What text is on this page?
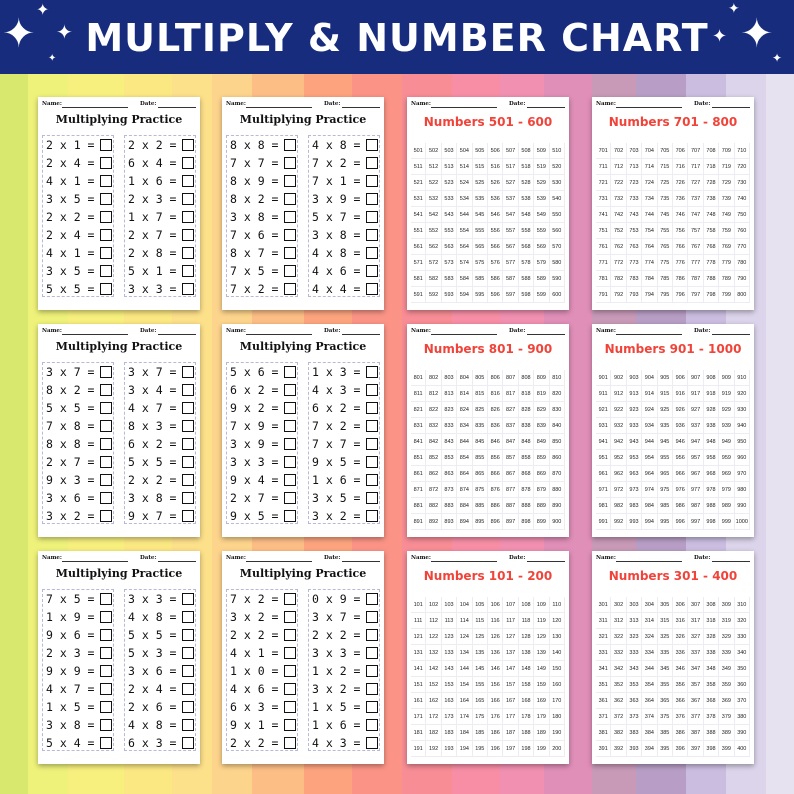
MULTIPLY & NUMBER CHART
✦
✦
✦
✦
✦
✦
✦
✦
Name:	Date:
Multiplying Practice
2 x 1 =
2 x 4 =
4 x 1 =
3 x 5 =
2 x 2 =
2 x 4 =
4 x 1 =
3 x 5 =
5 x 5 =
2 x 2 =
6 x 4 =
1 x 6 =
2 x 3 =
1 x 7 =
2 x 7 =
2 x 8 =
5 x 1 =
3 x 3 =
Name:	Date:
Multiplying Practice
8 x 8 =
7 x 7 =
8 x 9 =
8 x 2 =
3 x 8 =
7 x 6 =
8 x 7 =
7 x 5 =
7 x 2 =
4 x 8 =
7 x 2 =
7 x 1 =
3 x 9 =
5 x 7 =
3 x 8 =
4 x 8 =
4 x 6 =
4 x 4 =
Name:	Date:
Multiplying Practice
3 x 7 =
8 x 2 =
5 x 5 =
7 x 8 =
8 x 8 =
2 x 7 =
9 x 3 =
3 x 6 =
3 x 2 =
3 x 7 =
3 x 4 =
4 x 7 =
8 x 3 =
6 x 2 =
5 x 5 =
2 x 2 =
3 x 8 =
9 x 7 =
Name:	Date:
Multiplying Practice
5 x 6 =
6 x 2 =
9 x 2 =
7 x 9 =
3 x 9 =
3 x 3 =
9 x 4 =
2 x 7 =
9 x 5 =
1 x 3 =
4 x 3 =
6 x 2 =
7 x 2 =
7 x 7 =
9 x 5 =
1 x 6 =
3 x 5 =
3 x 2 =
Name:	Date:
Multiplying Practice
7 x 5 =
1 x 9 =
9 x 6 =
2 x 3 =
9 x 9 =
4 x 7 =
1 x 5 =
3 x 8 =
5 x 4 =
3 x 3 =
4 x 8 =
5 x 5 =
5 x 3 =
3 x 6 =
2 x 4 =
2 x 6 =
4 x 8 =
6 x 3 =
Name:	Date:
Multiplying Practice
7 x 2 =
3 x 2 =
2 x 2 =
4 x 1 =
1 x 0 =
4 x 6 =
6 x 3 =
9 x 1 =
2 x 2 =
0 x 9 =
3 x 7 =
2 x 2 =
3 x 3 =
1 x 2 =
3 x 2 =
1 x 5 =
1 x 6 =
4 x 3 =
Name:	Date:
Numbers 501 - 600
501	502	503	504	505	506	507	508	509	510
511	512	513	514	515	516	517	518	519	520
521	522	523	524	525	526	527	528	529	530
531	532	533	534	535	536	537	538	539	540
541	542	543	544	545	546	547	548	549	550
551	552	553	554	555	556	557	558	559	560
561	562	563	564	565	566	567	568	569	570
571	572	573	574	575	576	577	578	579	580
581	582	583	584	585	586	587	588	589	590
591	592	593	594	595	596	597	598	599	600
Name:	Date:
Numbers 701 - 800
701	702	703	704	705	706	707	708	709	710
711	712	713	714	715	716	717	718	719	720
721	722	723	724	725	726	727	728	729	730
731	732	733	734	735	736	737	738	739	740
741	742	743	744	745	746	747	748	749	750
751	752	753	754	755	756	757	758	759	760
761	762	763	764	765	766	767	768	769	770
771	772	773	774	775	776	777	778	779	780
781	782	783	784	785	786	787	788	789	790
791	792	793	794	795	796	797	798	799	800
Name:	Date:
Numbers 801 - 900
801	802	803	804	805	806	807	808	809	810
811	812	813	814	815	816	817	818	819	820
821	822	823	824	825	826	827	828	829	830
831	832	833	834	835	836	837	838	839	840
841	842	843	844	845	846	847	848	849	850
851	852	853	854	855	856	857	858	859	860
861	862	863	864	865	866	867	868	869	870
871	872	873	874	875	876	877	878	879	880
881	882	883	884	885	886	887	888	889	890
891	892	893	894	895	896	897	898	899	900
Name:	Date:
Numbers 901 - 1000
901	902	903	904	905	906	907	908	909	910
911	912	913	914	915	916	917	918	919	920
921	922	923	924	925	926	927	928	929	930
931	932	933	934	935	936	937	938	939	940
941	942	943	944	945	946	947	948	949	950
951	952	953	954	955	956	957	958	959	960
961	962	963	964	965	966	967	968	969	970
971	972	973	974	975	976	977	978	979	980
981	982	983	984	985	986	987	988	989	990
991	992	993	994	995	996	997	998	999 1000
Name:	Date:
Numbers 101 - 200
101	102	103	104	105	106	107	108	109	110
111	112	113	114	115	116	117	118	119	120
121	122	123	124	125	126	127	128	129	130
131	132	133	134	135	136	137	138	139	140
141	142	143	144	145	146	147	148	149	150
151	152	153	154	155	156	157	158	159	160
161	162	163	164	165	166	167	168	169	170
171	172	173	174	175	176	177	178	179	180
181	182	183	184	185	186	187	188	189	190
191	192	193	194	195	196	197	198	199	200
Name:	Date:
Numbers 301 - 400
301	302	303	304	305	306	307	308	309	310
311	312	313	314	315	316	317	318	319	320
321	322	323	324	325	326	327	328	329	330
331	332	333	334	335	336	337	338	339	340
341	342	343	344	345	346	347	348	349	350
351	352	353	354	355	356	357	358	359	360
361	362	363	364	365	366	367	368	369	370
371	372	373	374	375	376	377	378	379	380
381	382	383	384	385	386	387	388	389	390
391	392	393	394	395	396	397	398	399	400
